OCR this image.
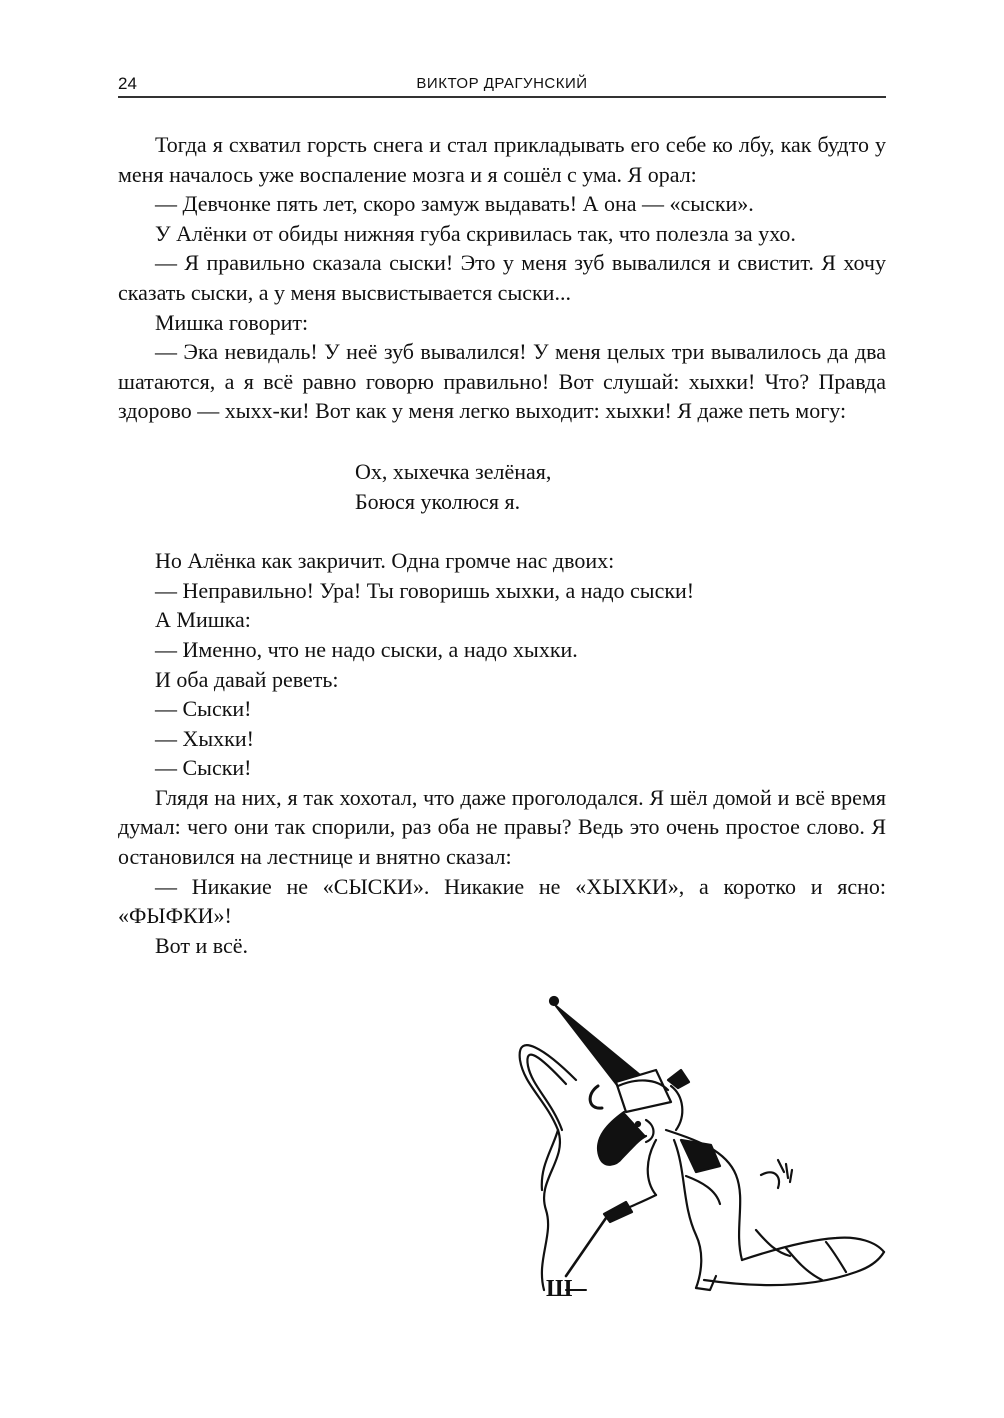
24	ВИКТОР ДРАГУНСКИЙ

Тогда я схватил горсть снега и стал прикладывать его себе ко лбу, как будто у меня началось уже воспаление мозга и я сошёл с ума. Я орал:

— Девчонке пять лет, скоро замуж выдавать! А она — «сыски».

У Алёнки от обиды нижняя губа скривилась так, что полезла за ухо.

— Я правильно сказала сыски! Это у меня зуб вывалился и свистит. Я хочу сказать сыски, а у меня высвистывается сыски...

Мишка говорит:

— Эка невидаль! У неё зуб вывалился! У меня целых три вывалилось да два шатаются, а я всё равно говорю правильно! Вот слушай: хыхки! Что? Правда здорово — хыхх-ки! Вот как у меня легко выходит: хыхки! Я даже петь могу:

Ох, хыхечка зелёная,
Боюся уколюся я.

Но Алёнка как закричит. Одна громче нас двоих:

— Неправильно! Ура! Ты говоришь хыхки, а надо сыски!

А Мишка:

— Именно, что не надо сыски, а надо хыхки.

И оба давай реветь:

— Сыски!

— Хыхки!

— Сыски!

Глядя на них, я так хохотал, что даже проголодался. Я шёл домой и всё время думал: чего они так спорили, раз оба не правы? Ведь это очень простое слово. Я остановился на лестнице и внятно сказал:

— Никакие не «СЫСКИ». Никакие не «ХЫХКИ», а коротко и ясно: «ФЫФКИ»!

Вот и всё.

Ш
